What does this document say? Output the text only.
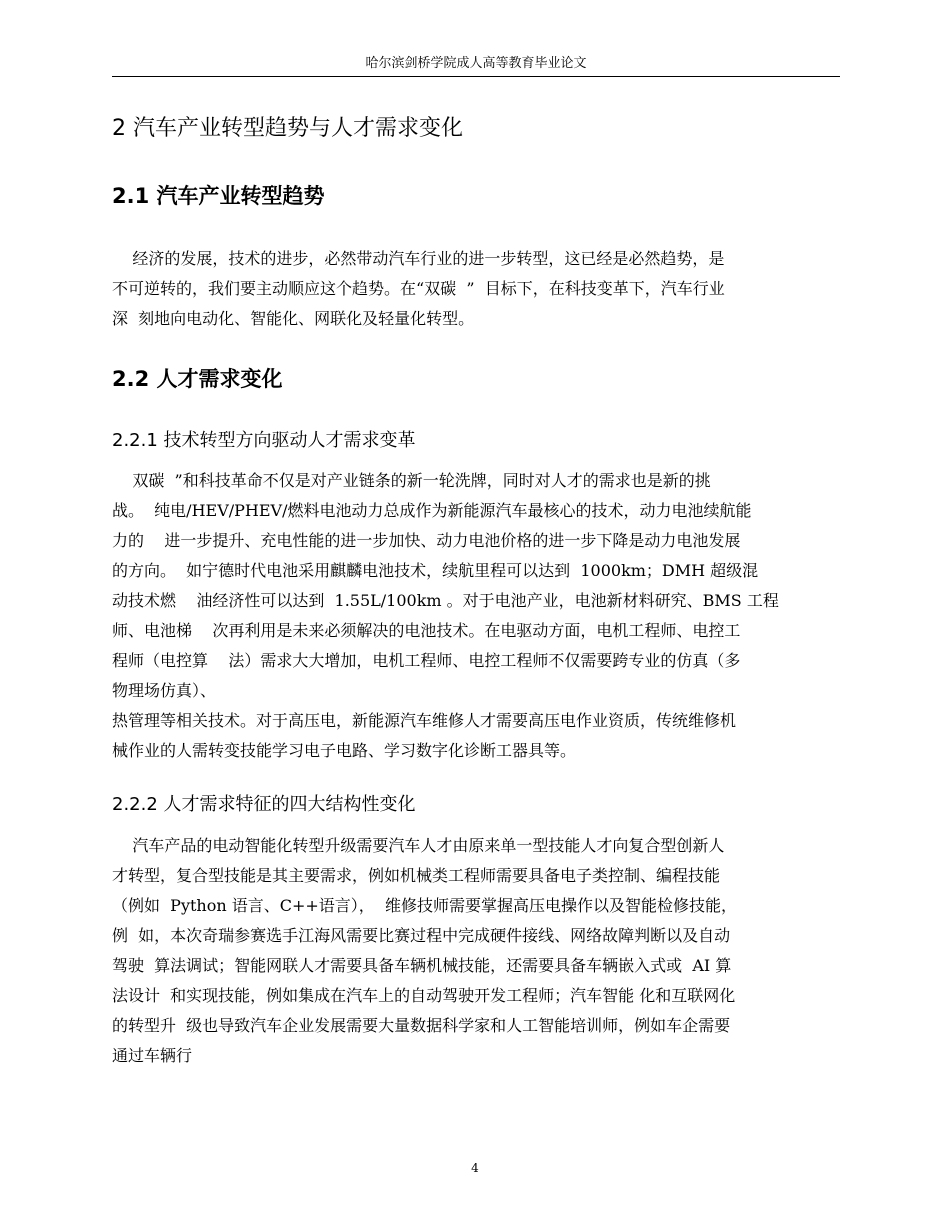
哈尔滨剑桥学院成人高等教育毕业论文
2 汽车产业转型趋势与人才需求变化
2.1 汽车产业转型趋势
经济的发展，技术的进步，必然带动汽车行业的进一步转型，这已经是必然趋势，是
不可逆转的，我们要主动顺应这个趋势。在“双碳  ”  目标下，在科技变革下，汽车行业
深  刻地向电动化、智能化、网联化及轻量化转型。
2.2 人才需求变化
2.2.1 技术转型方向驱动人才需求变革
双碳  ”和科技革命不仅是对产业链条的新一轮洗牌，同时对人才的需求也是新的挑
战。  纯电/HEV/PHEV/燃料电池动力总成作为新能源汽车最核心的技术，动力电池续航能
力的    进一步提升、充电性能的进一步加快、动力电池价格的进一步下降是动力电池发展
的方向。  如宁德时代电池采用麒麟电池技术，续航里程可以达到  1000km；DMH 超级混
动技术燃    油经济性可以达到  1.55L/100km 。对于电池产业，电池新材料研究、BMS 工程
师、电池梯    次再利用是未来必须解决的电池技术。在电驱动方面，电机工程师、电控工
程师（电控算    法）需求大大增加，电机工程师、电控工程师不仅需要跨专业的仿真（多
物理场仿真）、
热管理等相关技术。对于高压电，新能源汽车维修人才需要高压电作业资质，传统维修机
械作业的人需转变技能学习电子电路、学习数字化诊断工器具等。
2.2.2 人才需求特征的四大结构性变化
汽车产品的电动智能化转型升级需要汽车人才由原来单一型技能人才向复合型创新人
才转型，复合型技能是其主要需求，例如机械类工程师需要具备电子类控制、编程技能
（例如  Python 语言、C++语言），  维修技师需要掌握高压电操作以及智能检修技能，
例  如，本次奇瑞参赛选手江海风需要比赛过程中完成硬件接线、网络故障判断以及自动
驾驶  算法调试；智能网联人才需要具备车辆机械技能，还需要具备车辆嵌入式或  AI 算
法设计  和实现技能，例如集成在汽车上的自动驾驶开发工程师；汽车智能 化和互联网化
的转型升  级也导致汽车企业发展需要大量数据科学家和人工智能培训师，例如车企需要
通过车辆行
4
